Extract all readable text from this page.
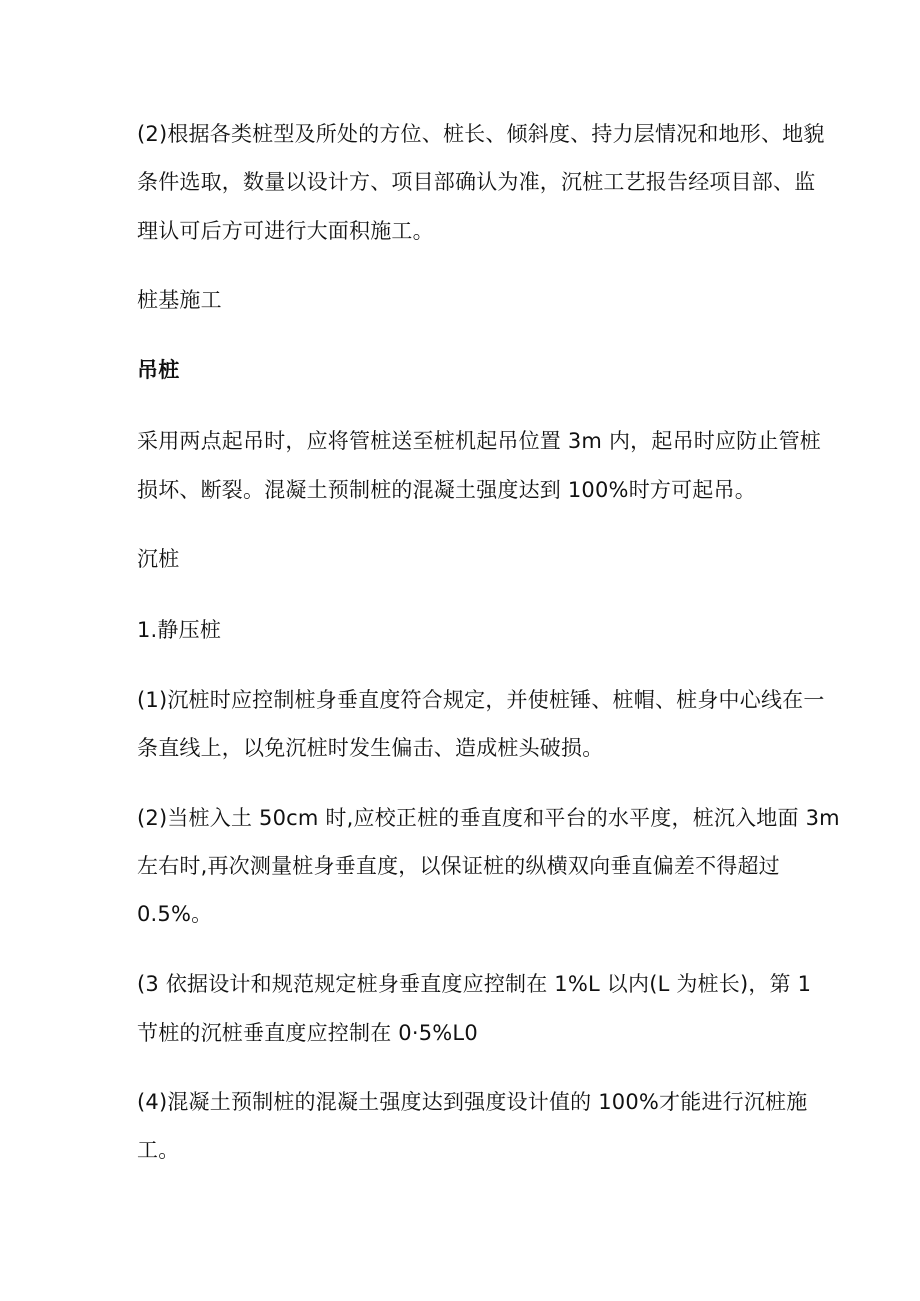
(2)根据各类桩型及所处的方位、桩长、倾斜度、持力层情况和地形、地貌
条件选取，数量以设计方、项目部确认为准，沉桩工艺报告经项目部、监
理认可后方可进行大面积施工。
桩基施工
吊桩
采用两点起吊时，应将管桩送至桩机起吊位置 3m 内，起吊时应防止管桩
损坏、断裂。混凝土预制桩的混凝土强度达到 100%时方可起吊。
沉桩
1.静压桩
(1)沉桩时应控制桩身垂直度符合规定，并使桩锤、桩帽、桩身中心线在一
条直线上，以免沉桩时发生偏击、造成桩头破损。
(2)当桩入土 50cm 时,应校正桩的垂直度和平台的水平度，桩沉入地面 3m
左右时,再次测量桩身垂直度，以保证桩的纵横双向垂直偏差不得超过
0.5%。
(3 依据设计和规范规定桩身垂直度应控制在 1%L 以内(L 为桩长)，第 1
节桩的沉桩垂直度应控制在 0·5%L0
(4)混凝土预制桩的混凝土强度达到强度设计值的 100%才能进行沉桩施
工。
